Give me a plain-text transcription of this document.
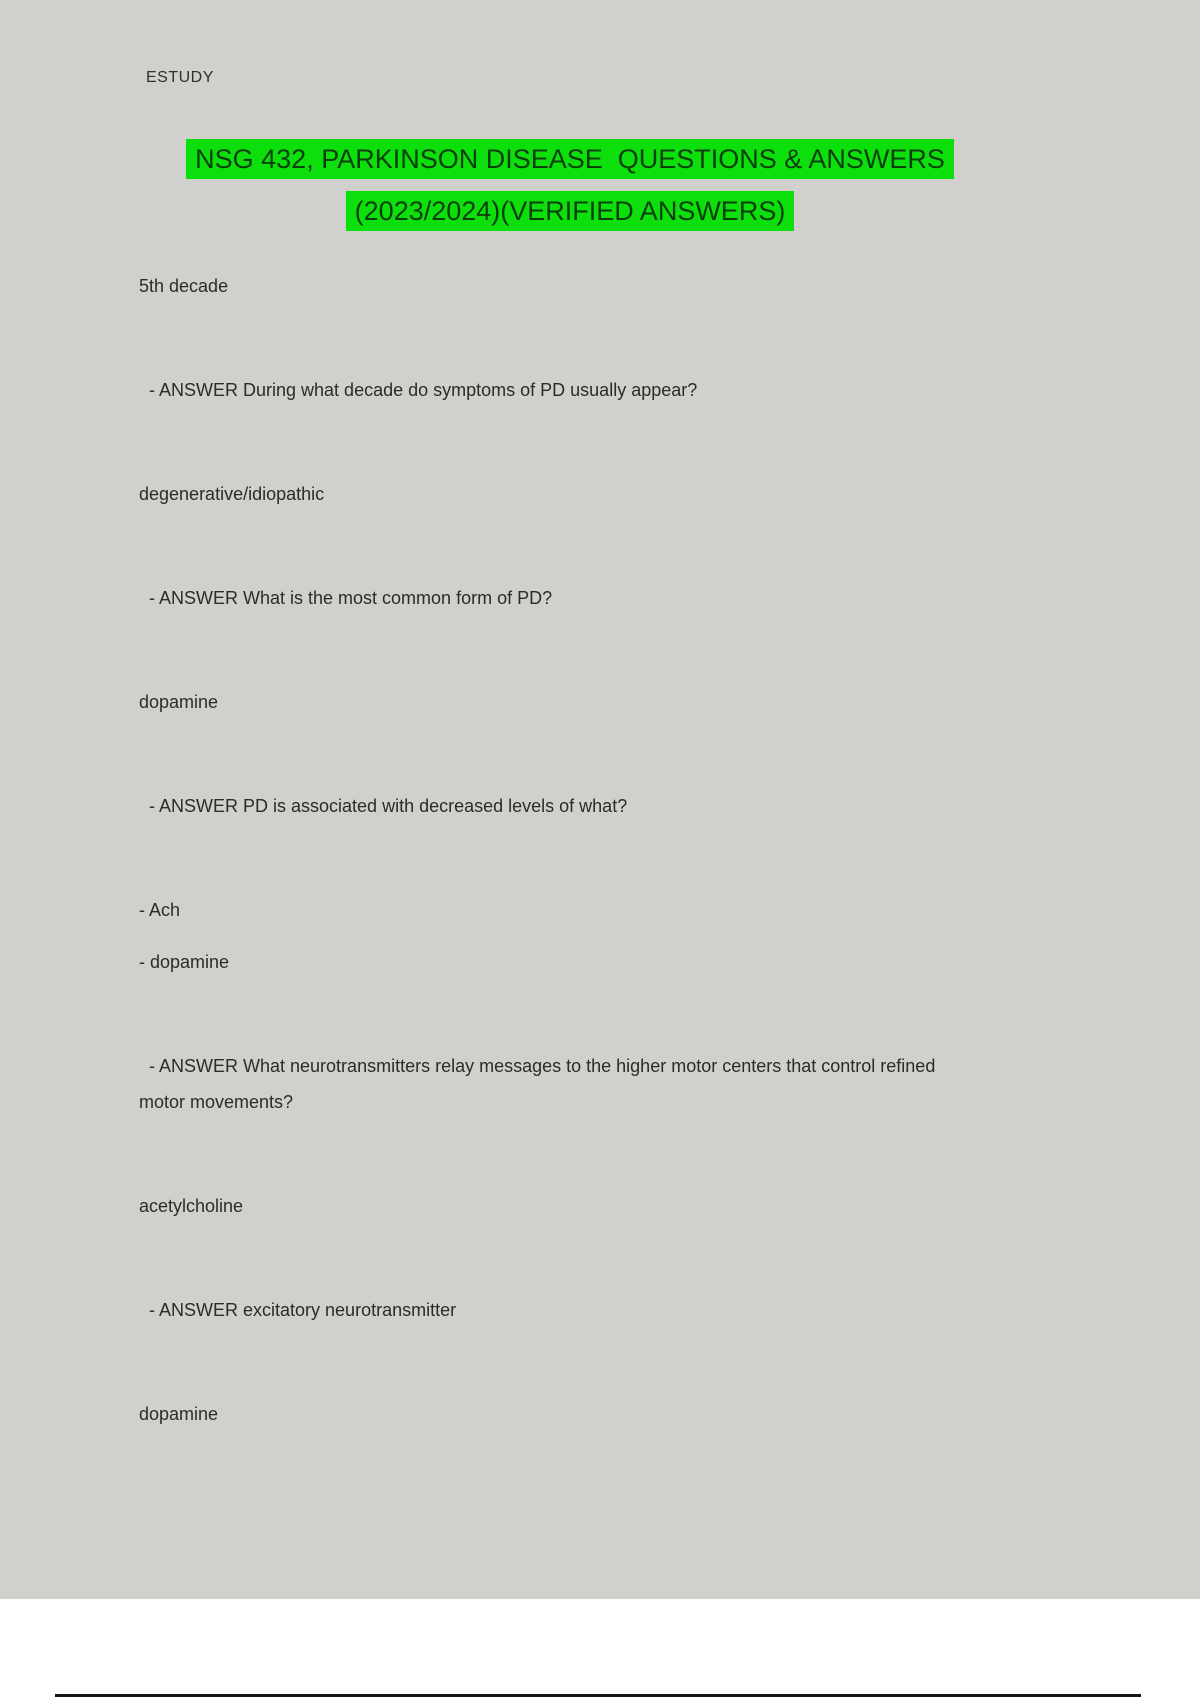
ESTUDY
NSG 432, PARKINSON DISEASE  QUESTIONS & ANSWERS
(2023/2024)(VERIFIED ANSWERS)

5th decade

- ANSWER During what decade do symptoms of PD usually appear?

degenerative/idiopathic

- ANSWER What is the most common form of PD?

dopamine

- ANSWER PD is associated with decreased levels of what?

- Ach

- dopamine

- ANSWER What neurotransmitters relay messages to the higher motor centers that control refined motor movements?

acetylcholine

- ANSWER excitatory neurotransmitter

dopamine
